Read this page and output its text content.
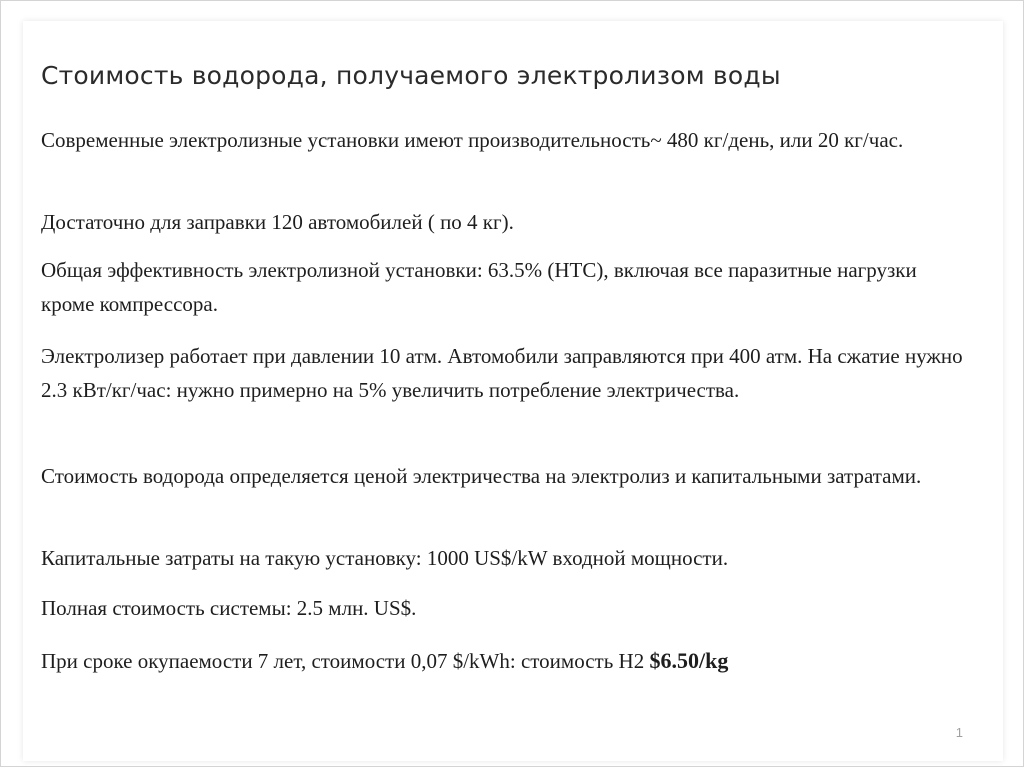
Стоимость водорода, получаемого электролизом воды
Современные электролизные установки имеют производительность~ 480 кг/день, или 20 кг/час.
Достаточно для заправки 120 автомобилей ( по 4 кг).
Общая эффективность электролизной установки: 63.5% (HTC), включая все паразитные нагрузки кроме компрессора.
Электролизер работает при давлении 10 атм. Автомобили заправляются при 400 атм. На сжатие нужно 2.3 кВт/кг/час: нужно примерно на 5% увеличить потребление электричества.
Стоимость водорода определяется ценой электричества на электролиз и капитальными затратами.
Капитальные затраты на такую установку: 1000 US$/kW входной мощности.
Полная стоимость системы: 2.5 млн. US$.
При сроке окупаемости 7 лет, стоимости 0,07 $/kWh: стоимость H2 $6.50/kg
1
